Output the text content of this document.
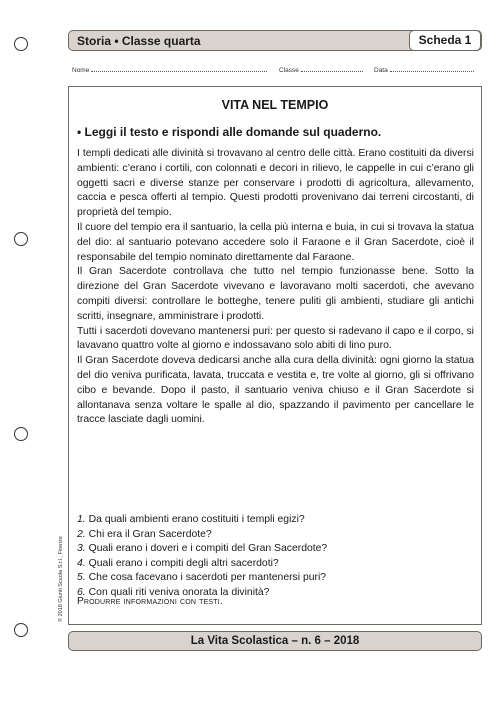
Storia • Classe quarta	Scheda 1
Nome	Classe	Data
VITA NEL TEMPIO
• Leggi il testo e rispondi alle domande sul quaderno.

I templi dedicati alle divinità si trovavano al centro delle città. Erano costituiti da diversi ambienti: c’erano i cortili, con colonnati e decori in rilievo, le cappelle in cui c’erano gli oggetti sacri e diverse stanze per conservare i prodotti di agricoltura, allevamento, caccia e pesca offerti al tempio. Questi prodotti provenivano dai terreni circostanti, di proprietà del tempio.

Il cuore del tempio era il santuario, la cella più interna e buia, in cui si trovava la statua del dio: al santuario potevano accedere solo il Faraone e il Gran Sacerdote, cioè il responsabile del tempio nominato direttamente dal Faraone.

Il Gran Sacerdote controllava che tutto nel tempio funzionasse bene. Sotto la direzione del Gran Sacerdote vivevano e lavoravano molti sacerdoti, che avevano compiti diversi: controllare le botteghe, tenere puliti gli ambienti, studiare gli antichi scritti, insegnare, amministrare i prodotti.

Tutti i sacerdoti dovevano mantenersi puri: per questo si radevano il capo e il corpo, si lavavano quattro volte al giorno e indossavano solo abiti di lino puro.

Il Gran Sacerdote doveva dedicarsi anche alla cura della divinità: ogni giorno la statua del dio veniva purificata, lavata, truccata e vestita e, tre volte al giorno, gli si offrivano cibo e bevande. Dopo il pasto, il santuario veniva chiuso e il Gran Sacerdote si allontanava senza voltare le spalle al dio, spazzando il pavimento per cancellare le tracce lasciate dagli uomini.

1. Da quali ambienti erano costituiti i templi egizi?
2. Chi era il Gran Sacerdote?
3. Quali erano i doveri e i compiti del Gran Sacerdote?
4. Quali erano i compiti degli altri sacerdoti?
5. Che cosa facevano i sacerdoti per mantenersi puri?
6. Con quali riti veniva onorata la divinità?
Produrre informazioni con testi.
© 2018 Giunti Scuola S.r.l., Firenze
La Vita Scolastica – n. 6 – 2018
